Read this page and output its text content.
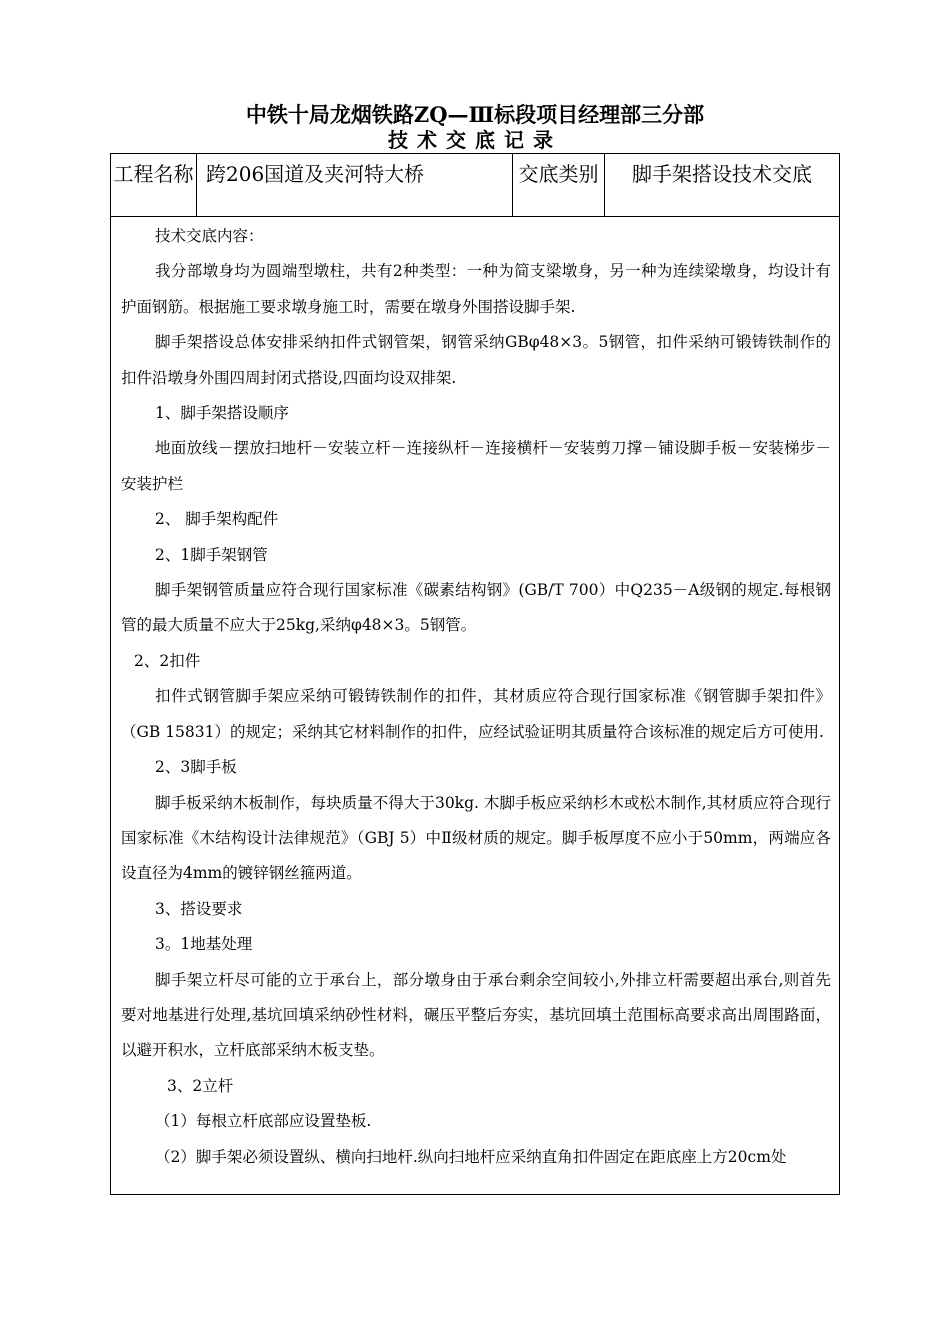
中铁十局龙烟铁路ZQ—Ⅲ标段项目经理部三分部
技术交底记录
工程名称 跨206国道及夹河特大桥	交底类别	脚手架搭设技术交底

技术交底内容：

我分部墩身均为圆端型墩柱，共有2种类型：一种为简支梁墩身，另一种为连续梁墩身，均设计有护面钢筋。根据施工要求墩身施工时，需要在墩身外围搭设脚手架.

脚手架搭设总体安排采纳扣件式钢管架，钢管采纳GBφ48×3。5钢管，扣件采纳可锻铸铁制作的扣件沿墩身外围四周封闭式搭设,四面均设双排架.

1、脚手架搭设顺序

地面放线－摆放扫地杆－安装立杆－连接纵杆－连接横杆－安装剪刀撑－铺设脚手板－安装梯步－安装护栏

2、 脚手架构配件

2、1脚手架钢管

脚手架钢管质量应符合现行国家标准《碳素结构钢》(GB/T 700）中Q235－A级钢的规定.每根钢管的最大质量不应大于25kg,采纳φ48×3。5钢管。

2、2扣件

扣件式钢管脚手架应采纳可锻铸铁制作的扣件，其材质应符合现行国家标准《钢管脚手架扣件》（GB 15831）的规定；采纳其它材料制作的扣件，应经试验证明其质量符合该标准的规定后方可使用.

2、3脚手板

脚手板采纳木板制作，每块质量不得大于30kg. 木脚手板应采纳杉木或松木制作,其材质应符合现行国家标准《木结构设计法律规范》（GBJ 5）中Ⅱ级材质的规定。脚手板厚度不应小于50mm，两端应各设直径为4mm的镀锌钢丝箍两道。

3、搭设要求

3。1地基处理

脚手架立杆尽可能的立于承台上，部分墩身由于承台剩余空间较小,外排立杆需要超出承台,则首先要对地基进行处理,基坑回填采纳砂性材料，碾压平整后夯实，基坑回填土范围标高要求高出周围路面，以避开积水，立杆底部采纳木板支垫。

3、2立杆

（1）每根立杆底部应设置垫板.

（2）脚手架必须设置纵、横向扫地杆.纵向扫地杆应采纳直角扣件固定在距底座上方20cm处
